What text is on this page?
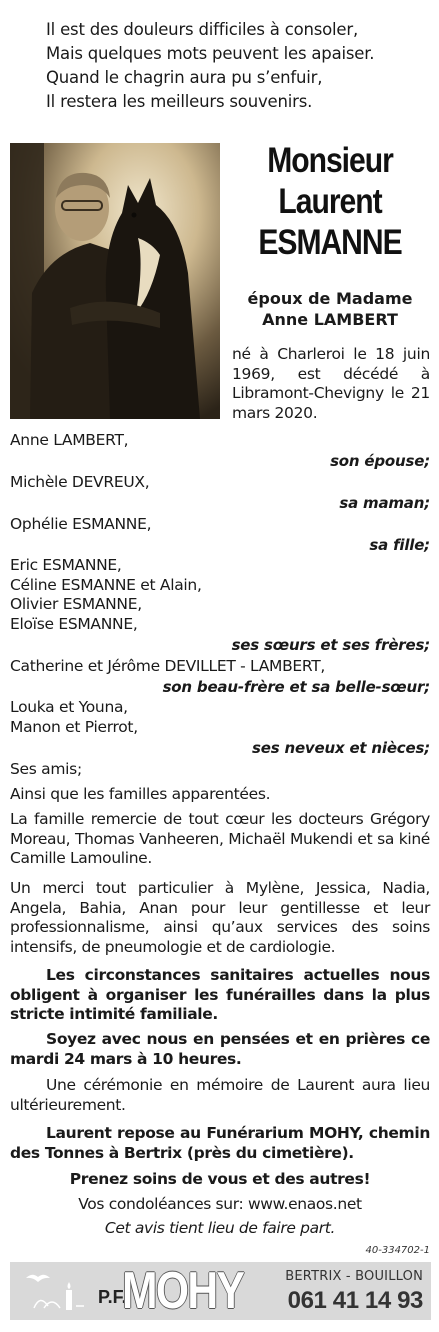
Il est des douleurs difficiles à consoler,
Mais quelques mots peuvent les apaiser.
Quand le chagrin aura pu s’enfuir,
Il restera les meilleurs souvenirs.
Monsieur
Laurent
ESMANNE
époux de Madame
Anne LAMBERT
né à Charleroi le 18 juin 1969, est décédé à Libramont-Chevigny le 21 mars 2020.
Anne LAMBERT,
son épouse;
Michèle DEVREUX,
sa maman;
Ophélie ESMANNE,
sa fille;
Eric ESMANNE,
Céline ESMANNE et Alain,
Olivier ESMANNE,
Eloïse ESMANNE,
ses sœurs et ses frères;
Catherine et Jérôme DEVILLET - LAMBERT,
son beau-frère et sa belle-sœur;
Louka et Youna,
Manon et Pierrot,
ses neveux et nièces;
Ses amis;
Ainsi que les familles apparentées.
La famille remercie de tout cœur les docteurs Grégory Moreau, Thomas Vanheeren, Michaël Mukendi et sa kiné Camille Lamouline.
Un merci tout particulier à Mylène, Jessica, Nadia, Angela, Bahia, Anan pour leur gentillesse et leur professionnalisme, ainsi qu’aux services des soins intensifs, de pneumologie et de cardiologie.
Les circonstances sanitaires actuelles nous obligent à organiser les funérailles dans la plus stricte intimité familiale.
Soyez avec nous en pensées et en prières ce mardi 24 mars à 10 heures.
Une cérémonie en mémoire de Laurent aura lieu ultérieurement.
Laurent repose au Funérarium MOHY, chemin des Tonnes à Bertrix (près du cimetière).
Prenez soins de vous et des autres!
Vos condoléances sur: www.enaos.net
Cet avis tient lieu de faire part.
40-334702-1
P.F.
MOHY	BERTRIX - BOUILLON
061 41 14 93
